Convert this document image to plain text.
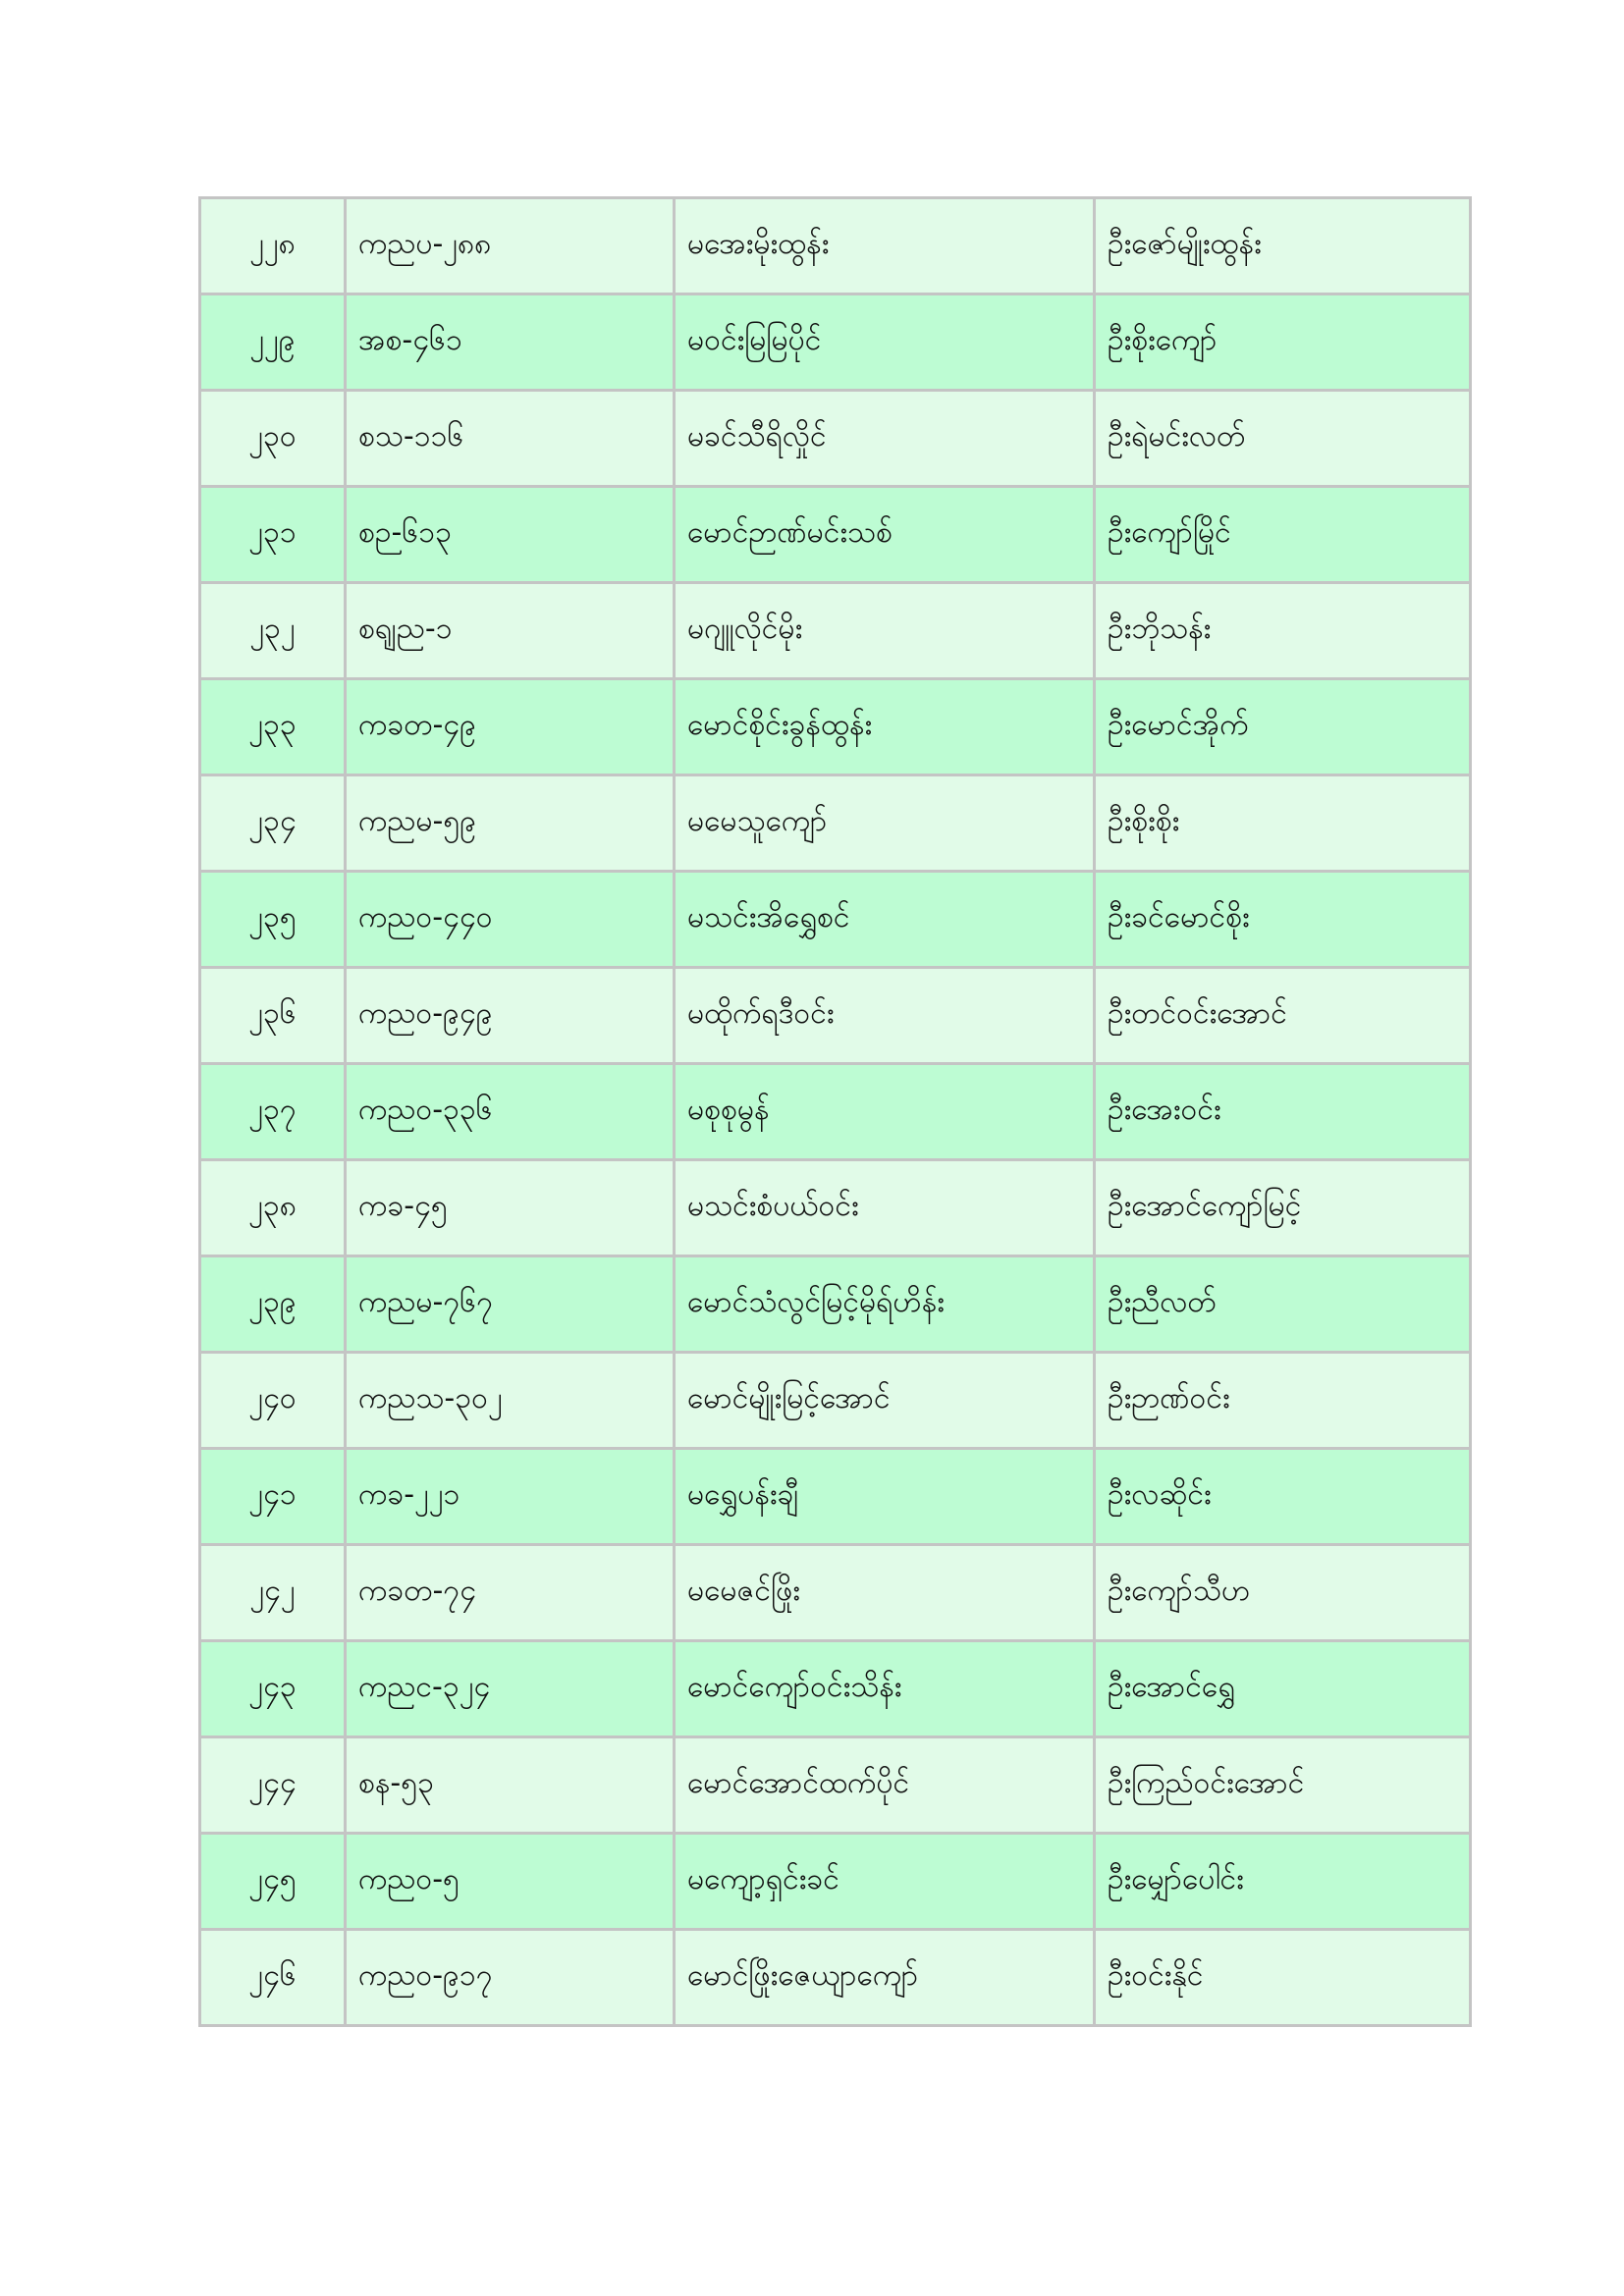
၂၂၈	ကညပ-၂၈၈	မအေးမိုးထွန်း	ဦးဇော်မျိုးထွန်း
၂၂၉	အစ-၄၆၁	မဝင်းမြမြပိုင်	ဦးစိုးကျော်
၂၃၀	စသ-၁၁၆	မခင်သီရိလှိုင်	ဦးရဲမင်းလတ်
၂၃၁	စဉ-၆၁၃	မောင်ဉာဏ်မင်းသစ်	ဦးကျော်မြိုင်
၂၃၂	စရျည-၁	မဂျူလိုင်မိုး	ဦးဘိုသန်း
၂၃၃	ကခတ-၄၉	မောင်စိုင်းခွန်ထွန်း	ဦးမောင်အိုက်
၂၃၄	ကညမ-၅၉	မမေသူကျော်	ဦးစိုးစိုး
၂၃၅	ကညဝ-၄၄၀	မသင်းအိရွှေစင်	ဦးခင်မောင်စိုး
၂၃၆	ကညဝ-၉၄၉	မထိုက်ရဒီဝင်း	ဦးတင်ဝင်းအောင်
၂၃၇	ကညဝ-၃၃၆	မစုစုမွန်	ဦးအေးဝင်း
၂၃၈	ကခ-၄၅	မသင်းစံပယ်ဝင်း	ဦးအောင်ကျော်မြင့်
၂၃၉	ကညမ-၇၆၇	မောင်သံလွင်မြင့်မိုရ်ဟိန်း	ဦးညီလတ်
၂၄၀	ကညသ-၃၀၂	မောင်မျိုးမြင့်အောင်	ဦးဉာဏ်ဝင်း
၂၄၁	ကခ-၂၂၁	မရွှေပန်းချီ	ဦးလဆိုင်း
၂၄၂	ကခတ-၇၄	မမေဇင်ဖြိုး	ဦးကျော်သီဟ
၂၄၃	ကညင-၃၂၄	မောင်ကျော်ဝင်းသိန်း	ဦးအောင်ရွှေ
၂၄၄	စန-၅၃	မောင်အောင်ထက်ပိုင်	ဦးကြည်ဝင်းအောင်
၂၄၅	ကညဝ-၅	မကျော့ရှင်းခင်	ဦးမျှော်ပေါင်း
၂၄၆	ကညဝ-၉၁၇	မောင်ဖြိုးဇေယျာကျော်	ဦးဝင်းနိုင်
